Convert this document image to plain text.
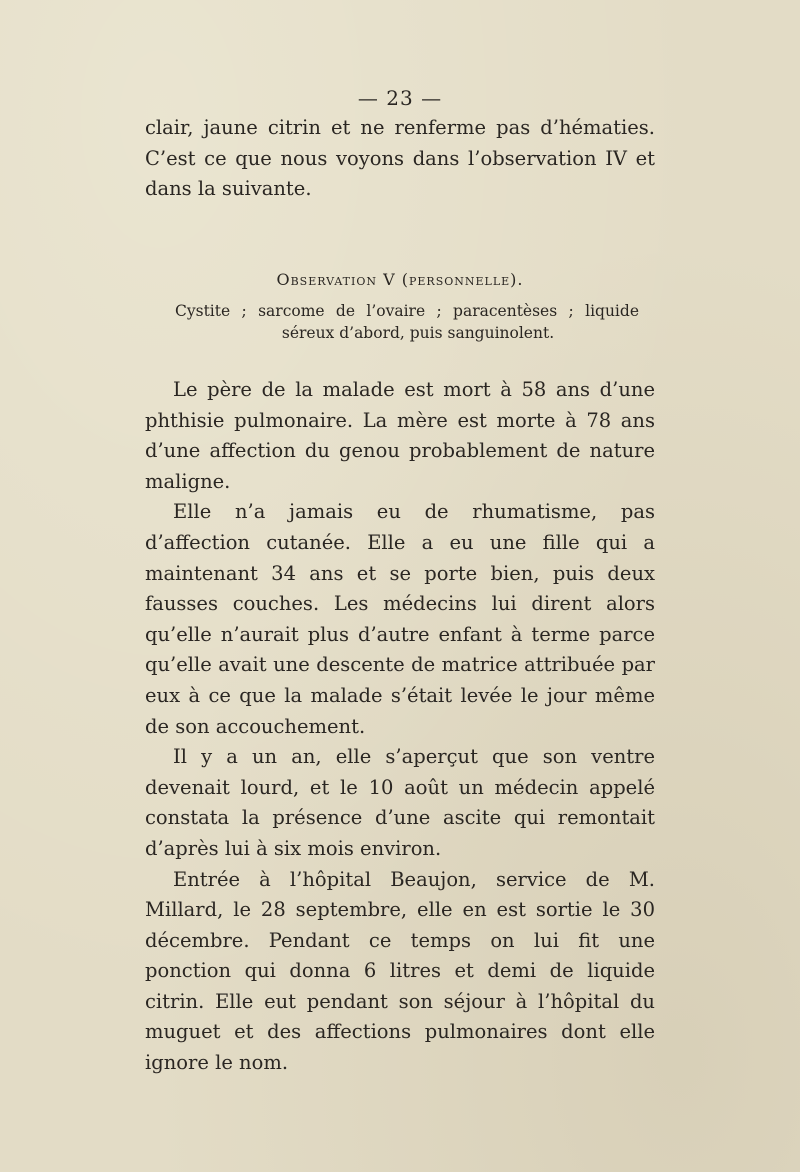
— 23 —

clair, jaune citrin et ne renferme pas d’hématies. C’est ce que nous voyons dans l’observation IV et dans la suivante.

Observation V (personnelle).
Cystite ; sarcome de l’ovaire ; paracentèses ; liquide séreux d’abord, puis sanguinolent.

Le père de la malade est mort à 58 ans d’une phthisie pulmonaire. La mère est morte à 78 ans d’une affection du genou probablement de nature maligne.
Elle n’a jamais eu de rhumatisme, pas d’affection cutanée. Elle a eu une fille qui a maintenant 34 ans et se porte bien, puis deux fausses couches. Les médecins lui dirent alors qu’elle n’aurait plus d’autre enfant à terme parce qu’elle avait une descente de matrice attribuée par eux à ce que la malade s’était levée le jour même de son accouchement.
Il y a un an, elle s’aperçut que son ventre devenait lourd, et le 10 août un médecin appelé constata la présence d’une ascite qui remontait d’après lui à six mois environ.
Entrée à l’hôpital Beaujon, service de M. Millard, le 28 septembre, elle en est sortie le 30 décembre. Pendant ce temps on lui fit une ponction qui donna 6 litres et demi de liquide citrin. Elle eut pendant son séjour à l’hôpital du muguet et des affections pulmonaires dont elle ignore le nom.
